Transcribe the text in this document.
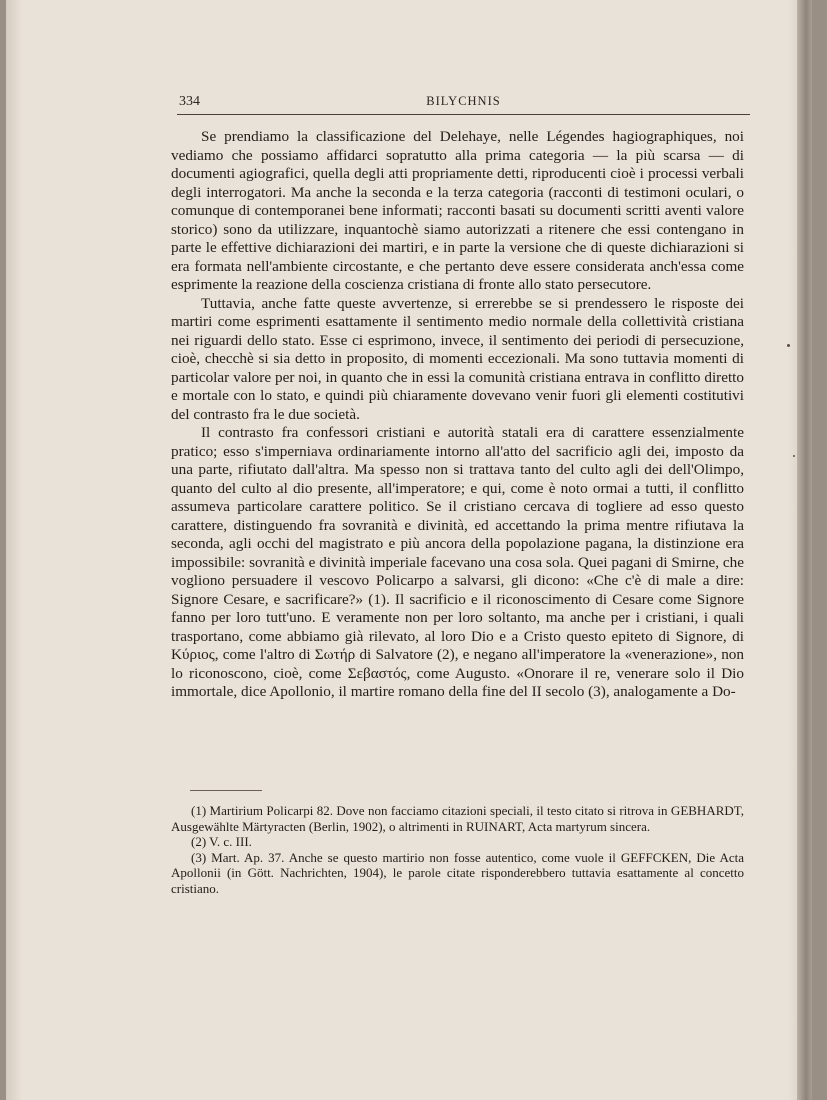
334	BILYCHNIS

Se prendiamo la classificazione del Delehaye, nelle Légendes hagiographiques, noi vediamo che possiamo affidarci sopratutto alla prima categoria — la più scarsa — di documenti agiografici, quella degli atti propriamente detti, riproducenti cioè i processi verbali degli interrogatori. Ma anche la seconda e la terza categoria (racconti di testimoni oculari, o comunque di contemporanei bene informati; racconti basati su documenti scritti aventi valore storico) sono da utilizzare, inquantochè siamo autorizzati a ritenere che essi contengano in parte le effettive dichiarazioni dei martiri, e in parte la versione che di queste dichiarazioni si era formata nell'ambiente circostante, e che pertanto deve essere considerata anch'essa come esprimente la reazione della coscienza cristiana di fronte allo stato persecutore.

Tuttavia, anche fatte queste avvertenze, si errerebbe se si prendessero le risposte dei martiri come esprimenti esattamente il sentimento medio normale della collettività cristiana nei riguardi dello stato. Esse ci esprimono, invece, il sentimento dei periodi di persecuzione, cioè, checchè si sia detto in proposito, di momenti eccezionali. Ma sono tuttavia momenti di particolar valore per noi, in quanto che in essi la comunità cristiana entrava in conflitto diretto e mortale con lo stato, e quindi più chiaramente dovevano venir fuori gli elementi costitutivi del contrasto fra le due società.

Il contrasto fra confessori cristiani e autorità statali era di carattere essenzialmente pratico; esso s'imperniava ordinariamente intorno all'atto del sacrificio agli dei, imposto da una parte, rifiutato dall'altra. Ma spesso non si trattava tanto del culto agli dei dell'Olimpo, quanto del culto al dio presente, all'imperatore; e qui, come è noto ormai a tutti, il conflitto assumeva particolare carattere politico. Se il cristiano cercava di togliere ad esso questo carattere, distinguendo fra sovranità e divinità, ed accettando la prima mentre rifiutava la seconda, agli occhi del magistrato e più ancora della popolazione pagana, la distinzione era impossibile: sovranità e divinità imperiale facevano una cosa sola. Quei pagani di Smirne, che vogliono persuadere il vescovo Policarpo a salvarsi, gli dicono: «Che c'è di male a dire: Signore Cesare, e sacrificare?» (1). Il sacrificio e il riconoscimento di Cesare come Signore fanno per loro tutt'uno. E veramente non per loro soltanto, ma anche per i cristiani, i quali trasportano, come abbiamo già rilevato, al loro Dio e a Cristo questo epiteto di Signore, di Κύριος, come l'altro di Σωτήρ di Salvatore (2), e negano all'imperatore la «venerazione», non lo riconoscono, cioè, come Σεβαστός, come Augusto. «Onorare il re, venerare solo il Dio immortale, dice Apollonio, il martire romano della fine del II secolo (3), analogamente a Do-

(1) Martirium Policarpi 82. Dove non facciamo citazioni speciali, il testo citato si ritrova in GEBHARDT, Ausgewählte Märtyracten (Berlin, 1902), o altrimenti in RUINART, Acta martyrum sincera.

(2) V. c. III.

(3) Mart. Ap. 37. Anche se questo martirio non fosse autentico, come vuole il GEFFCKEN, Die Acta Apollonii (in Gött. Nachrichten, 1904), le parole citate risponderebbero tuttavia esattamente al concetto cristiano.
